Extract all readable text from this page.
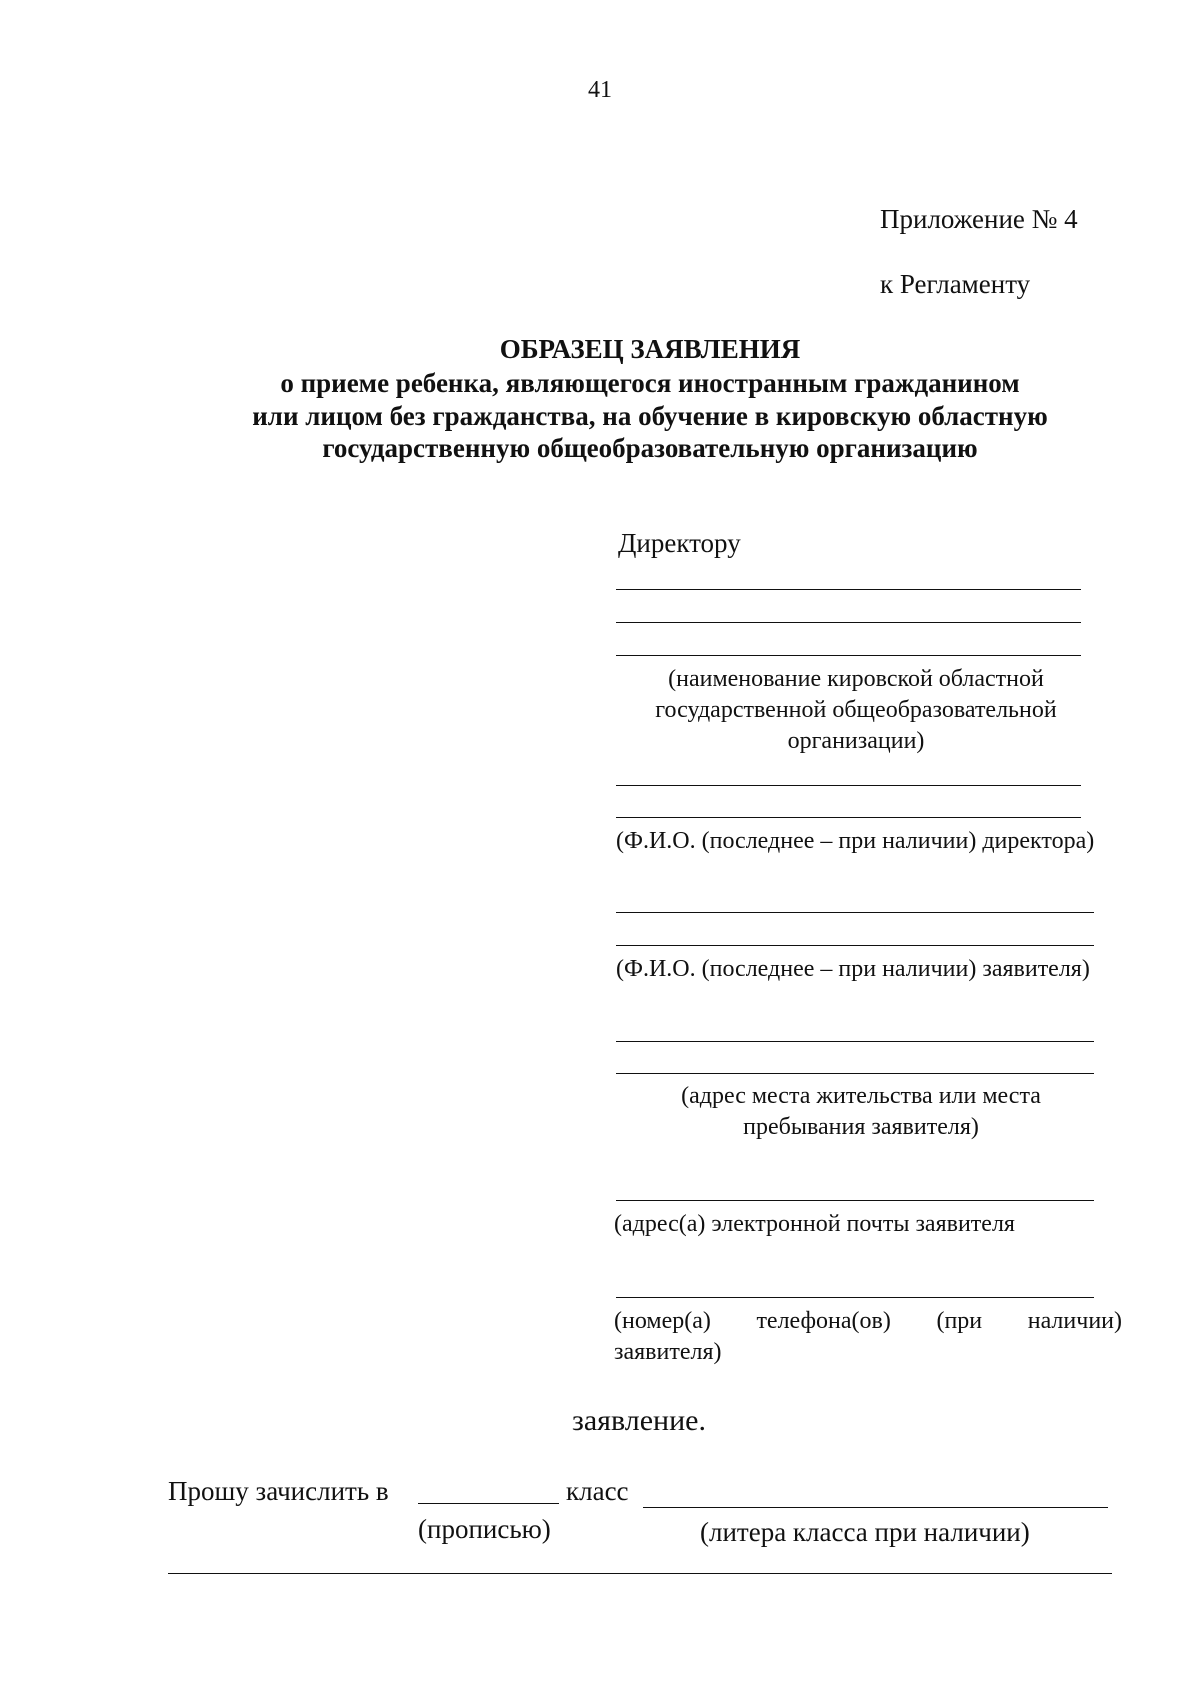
41
Приложение № 4
к Регламенту
ОБРАЗЕЦ ЗАЯВЛЕНИЯ
о приеме ребенка, являющегося иностранным гражданином
или лицом без гражданства, на обучение в кировскую областную
государственную общеобразовательную организацию
Директору
(наименование кировской областной
государственной общеобразовательной
организации)
(Ф.И.О. (последнее – при наличии) директора)
(Ф.И.О. (последнее – при наличии) заявителя)
(адрес места жительства или места
пребывания заявителя)
(адрес(а) электронной почты заявителя
(номер(а) телефона(ов) (при наличии)
заявителя)
заявление.
Прошу зачислить в	класс
(прописью)	(литера класса при наличии)
